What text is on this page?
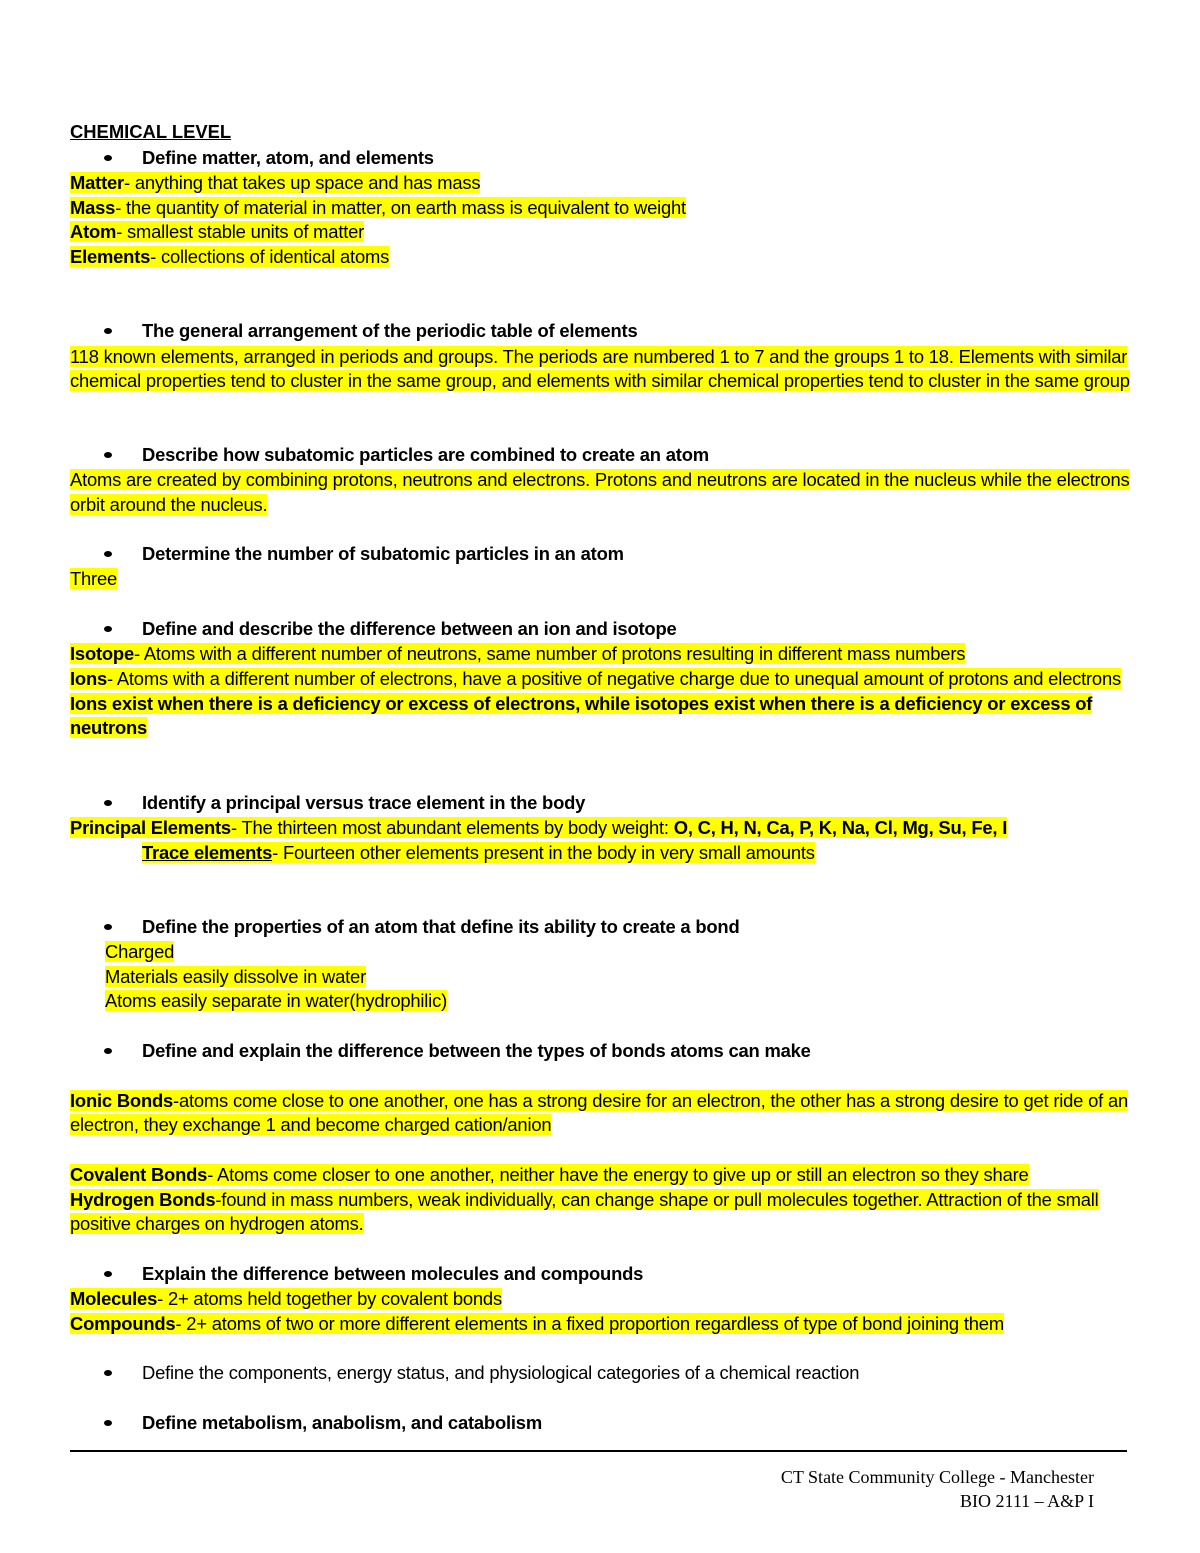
CHEMICAL LEVEL
Define matter, atom, and elements
Matter- anything that takes up space and has mass
Mass- the quantity of material in matter, on earth mass is equivalent to weight
Atom- smallest stable units of matter
Elements- collections of identical atoms
The general arrangement of the periodic table of elements
118 known elements, arranged in periods and groups. The periods are numbered 1 to 7 and the groups 1 to 18. Elements with similar
chemical properties tend to cluster in the same group, and elements with similar chemical properties tend to cluster in the same group
Describe how subatomic particles are combined to create an atom
Atoms are created by combining protons, neutrons and electrons. Protons and neutrons are located in the nucleus while the electrons
orbit around the nucleus.
Determine the number of subatomic particles in an atom
Three
Define and describe the difference between an ion and isotope
Isotope- Atoms with a different number of neutrons, same number of protons resulting in different mass numbers
Ions- Atoms with a different number of electrons, have a positive of negative charge due to unequal amount of protons and electrons
Ions exist when there is a deficiency or excess of electrons, while isotopes exist when there is a deficiency or excess of
neutrons
Identify a principal versus trace element in the body
Principal Elements- The thirteen most abundant elements by body weight: O, C, H, N, Ca, P, K, Na, Cl, Mg, Su, Fe, I
Trace elements- Fourteen other elements present in the body in very small amounts
Define the properties of an atom that define its ability to create a bond
Charged
Materials easily dissolve in water
Atoms easily separate in water(hydrophilic)
Define and explain the difference between the types of bonds atoms can make
Ionic Bonds-atoms come close to one another, one has a strong desire for an electron, the other has a strong desire to get ride of an
electron, they exchange 1 and become charged cation/anion
Covalent Bonds- Atoms come closer to one another, neither have the energy to give up or still an electron so they share
Hydrogen Bonds-found in mass numbers, weak individually, can change shape or pull molecules together. Attraction of the small
positive charges on hydrogen atoms.
Explain the difference between molecules and compounds
Molecules- 2+ atoms held together by covalent bonds
Compounds- 2+ atoms of two or more different elements in a fixed proportion regardless of type of bond joining them
Define the components, energy status, and physiological categories of a chemical reaction
Define metabolism, anabolism, and catabolism
CT State Community College - Manchester
BIO 2111 – A&P I
